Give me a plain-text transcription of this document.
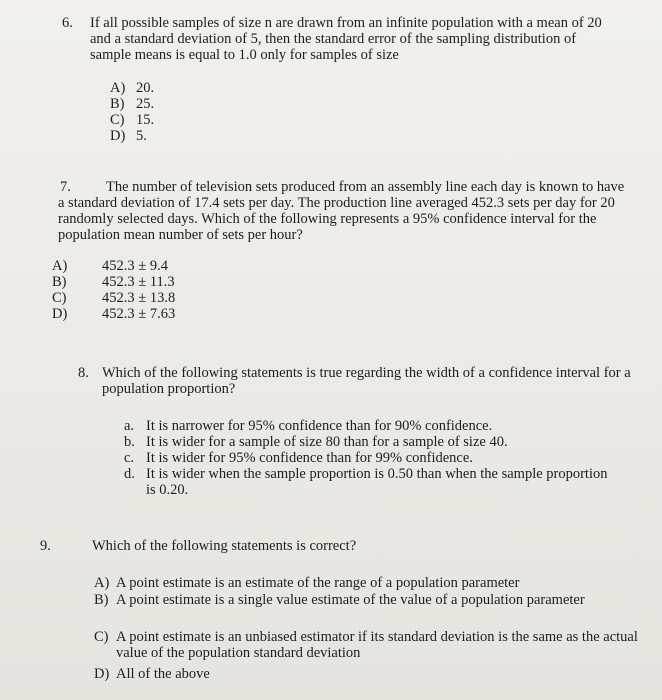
6. If all possible samples of size n are drawn from an infinite population with a mean of 20 and a standard deviation of 5, then the standard error of the sampling distribution of sample means is equal to 1.0 only for samples of size
A) 20.
B) 25.
C) 15.
D) 5.
7.	The number of television sets produced from an assembly line each day is known to have a standard deviation of 17.4 sets per day. The production line averaged 452.3 sets per day for 20 randomly selected days. Which of the following represents a 95% confidence interval for the population mean number of sets per hour?
A) 452.3 ± 9.4
B) 452.3 ± 11.3
C) 452.3 ± 13.8
D) 452.3 ± 7.63
8. Which of the following statements is true regarding the width of a confidence interval for a population proportion?
a. It is narrower for 95% confidence than for 90% confidence.
b. It is wider for a sample of size 80 than for a sample of size 40.
c. It is wider for 95% confidence than for 99% confidence.
d. It is wider when the sample proportion is 0.50 than when the sample proportion is 0.20.
9.	Which of the following statements is correct?
A) A point estimate is an estimate of the range of a population parameter
B) A point estimate is a single value estimate of the value of a population parameter
C) A point estimate is an unbiased estimator if its standard deviation is the same as the actual value of the population standard deviation
D) All of the above
